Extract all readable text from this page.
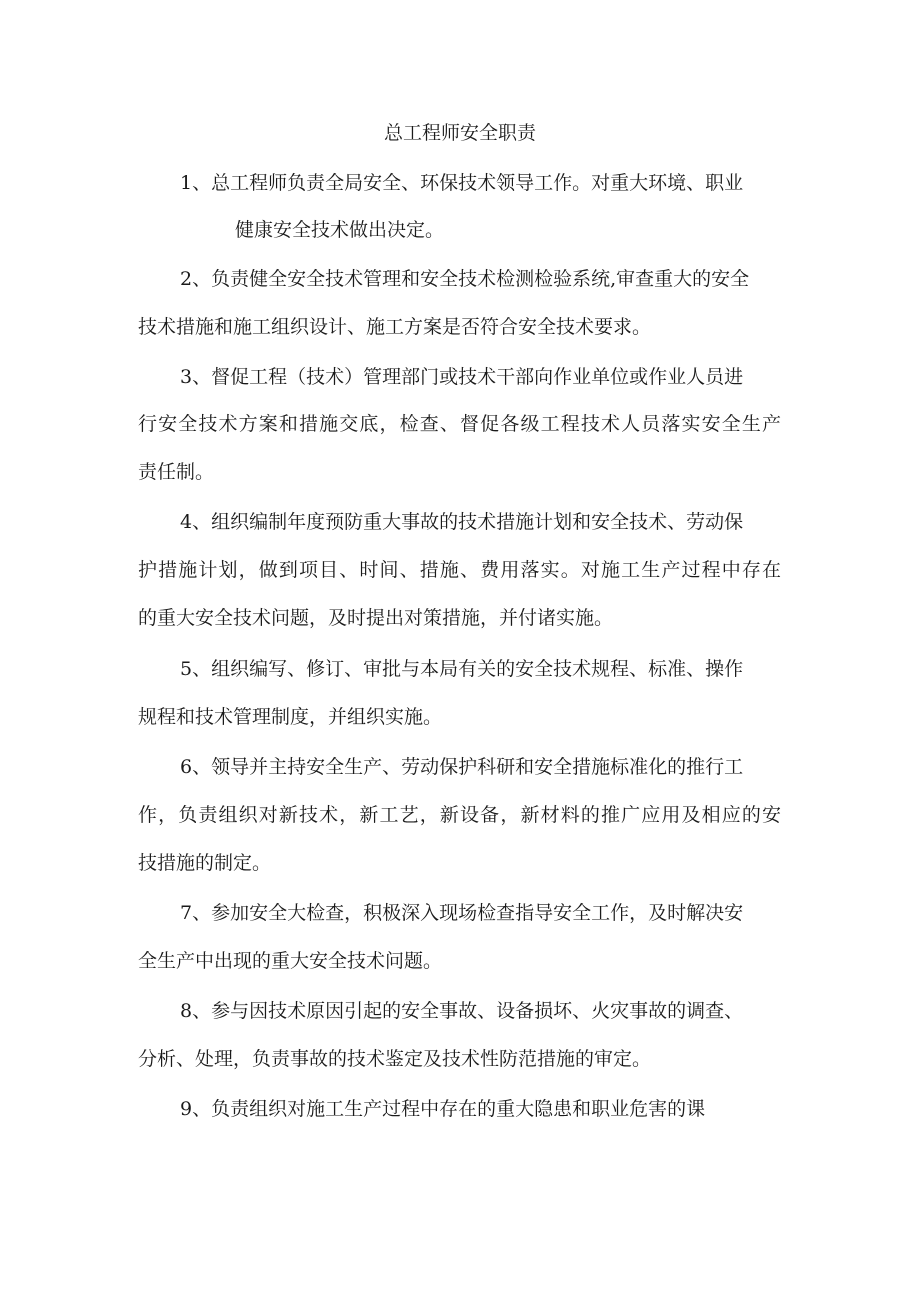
总工程师安全职责
1、总工程师负责全局安全、环保技术领导工作。对重大环境、职业
健康安全技术做出决定。
2、负责健全安全技术管理和安全技术检测检验系统,审查重大的安全
技术措施和施工组织设计、施工方案是否符合安全技术要求。
3、督促工程（技术）管理部门或技术干部向作业单位或作业人员进
行安全技术方案和措施交底，检查、督促各级工程技术人员落实安全生产
责任制。
4、组织编制年度预防重大事故的技术措施计划和安全技术、劳动保
护措施计划，做到项目、时间、措施、费用落实。对施工生产过程中存在
的重大安全技术问题，及时提出对策措施，并付诸实施。
5、组织编写、修订、审批与本局有关的安全技术规程、标准、操作
规程和技术管理制度，并组织实施。
6、领导并主持安全生产、劳动保护科研和安全措施标准化的推行工
作，负责组织对新技术，新工艺，新设备，新材料的推广应用及相应的安
技措施的制定。
7、参加安全大检查，积极深入现场检查指导安全工作，及时解决安
全生产中出现的重大安全技术问题。
8、参与因技术原因引起的安全事故、设备损坏、火灾事故的调查、
分析、处理，负责事故的技术鉴定及技术性防范措施的审定。
9、负责组织对施工生产过程中存在的重大隐患和职业危害的课
